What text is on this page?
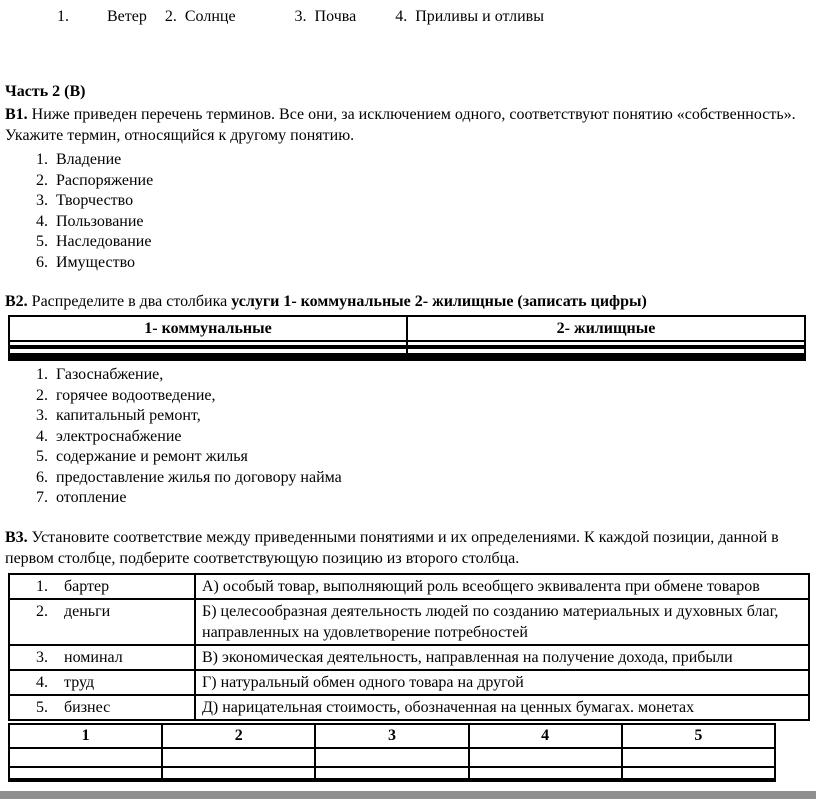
1. Ветер 2. Солнце	3. Почва 4. Приливы и отливы
Часть 2 (В)

В1. Ниже приведен перечень терминов. Все они, за исключением одного, соответствуют понятию «собственность». Укажите термин, относящийся к другому понятию.

1. Владение
2. Распоряжение
3. Творчество
4. Пользование
5. Наследование
6. Имущество

В2. Распределите в два столбика услуги 1- коммунальные 2- жилищные (записать цифры)

1- коммунальные	2- жилищные

1. Газоснабжение,
2. горячее водоотведение,
3. капитальный ремонт,
4. электроснабжение
5. содержание и ремонт жилья
6. предоставление жилья по договору найма
7. отопление

В3. Установите соответствие между приведенными понятиями и их определениями. К каждой позиции, данной в первом столбце, подберите соответствующую позицию из второго столбца.

1. бартер	А) особый товар, выполняющий роль всеобщего эквивалента при обмене товаров
2. деньги	Б) целесообразная деятельность людей по созданию материальных и духовных благ, направленных на удовлетворение потребностей
3. номинал	В) экономическая деятельность, направленная на получение дохода, прибыли
4. труд	Г) натуральный обмен одного товара на другой
5. бизнес	Д) нарицательная стоимость, обозначенная на ценных бумагах. монетах
1	2	3	4	5
